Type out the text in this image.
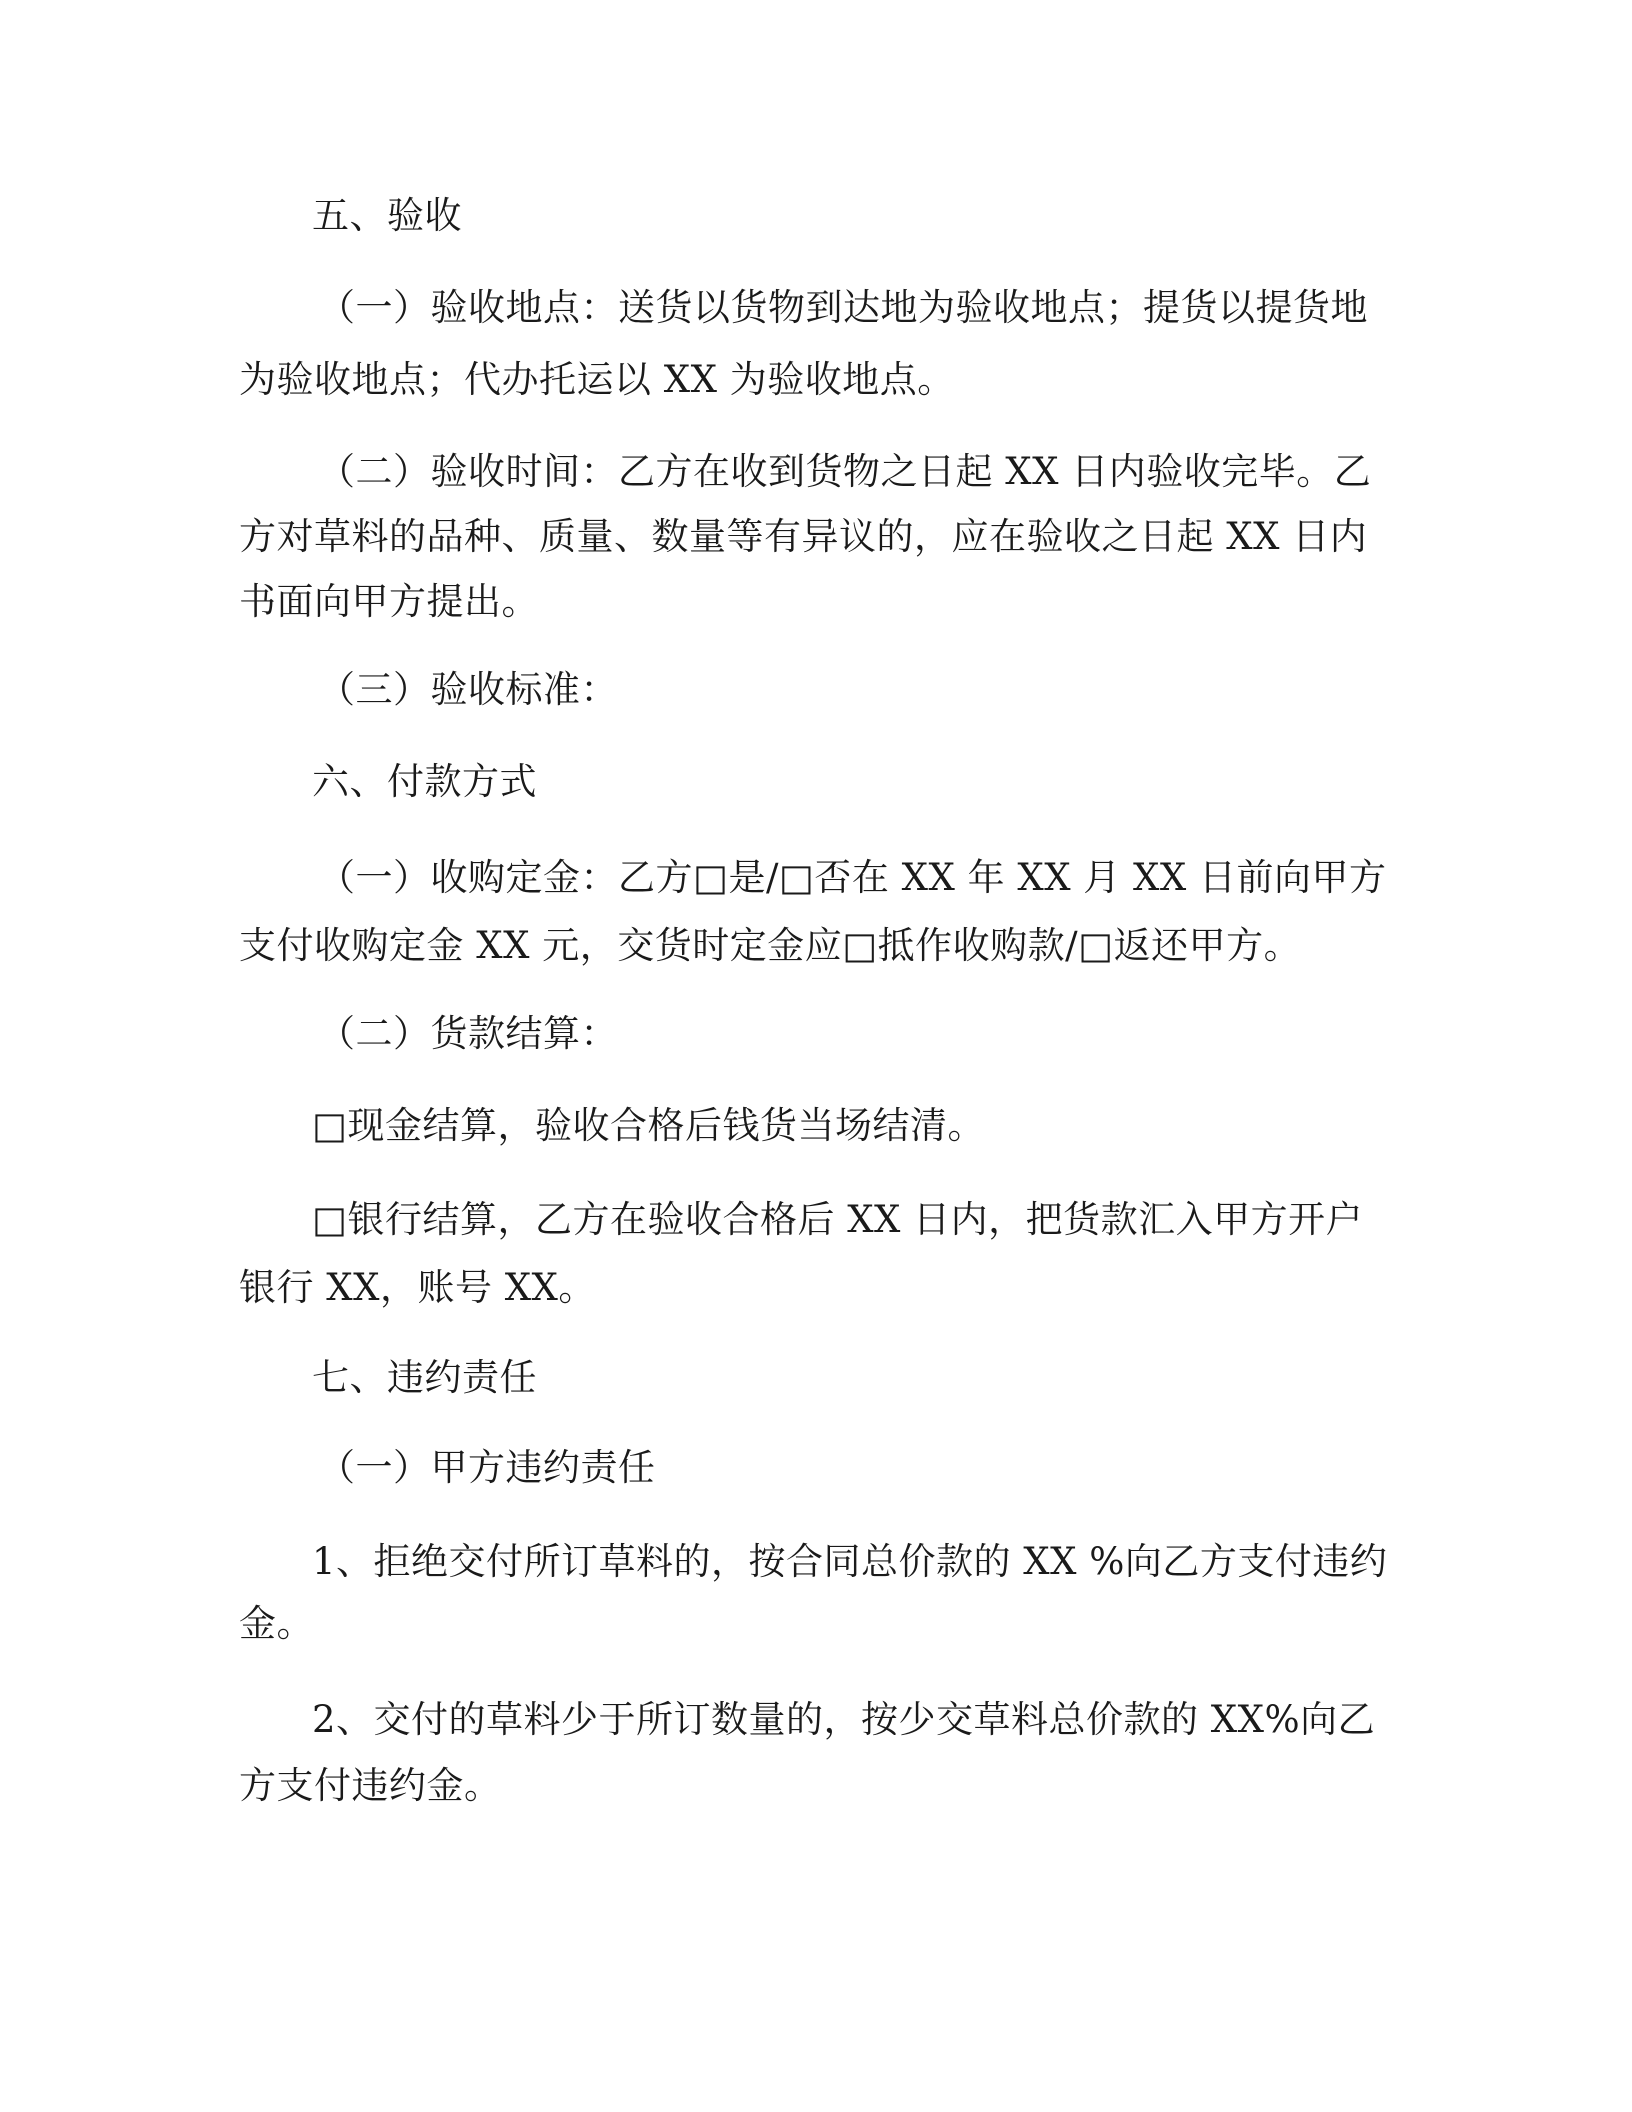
五、验收
（一）验收地点：送货以货物到达地为验收地点；提货以提货地
为验收地点；代办托运以 XX 为验收地点。
（二）验收时间：乙方在收到货物之日起 XX 日内验收完毕。乙
方对草料的品种、质量、数量等有异议的，应在验收之日起 XX 日内
书面向甲方提出。
（三）验收标准：
六、付款方式
（一）收购定金：乙方□是/□否在 XX 年 XX 月 XX 日前向甲方
支付收购定金 XX 元，交货时定金应□抵作收购款/□返还甲方。
（二）货款结算：
□现金结算，验收合格后钱货当场结清。
□银行结算，乙方在验收合格后 XX 日内，把货款汇入甲方开户
银行 XX，账号 XX。
七、违约责任
（一）甲方违约责任
1、拒绝交付所订草料的，按合同总价款的 XX %向乙方支付违约
金。
2、交付的草料少于所订数量的，按少交草料总价款的 XX%向乙
方支付违约金。
